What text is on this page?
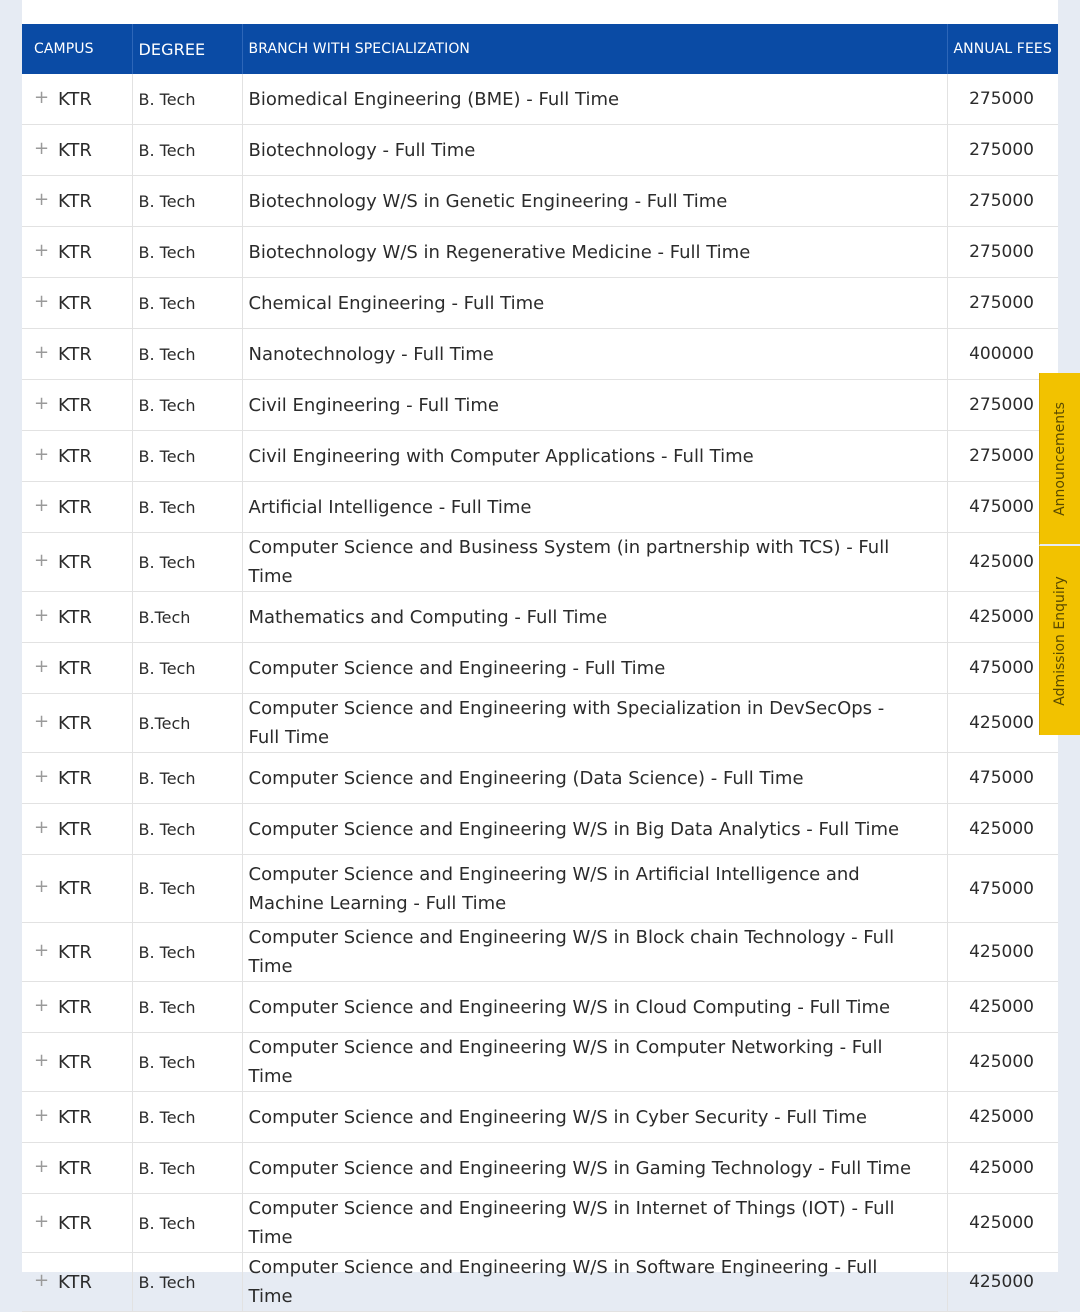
CAMPUS	DEGREE	BRANCH WITH SPECIALIZATION	ANNUAL FEES
+ KTR	B. Tech	Biomedical Engineering (BME) - Full Time	275000
+ KTR	B. Tech	Biotechnology - Full Time	275000
+ KTR	B. Tech	Biotechnology W/S in Genetic Engineering - Full Time	275000
+ KTR	B. Tech	Biotechnology W/S in Regenerative Medicine - Full Time	275000
+ KTR	B. Tech	Chemical Engineering - Full Time	275000
+ KTR	B. Tech	Nanotechnology - Full Time	400000
+ KTR	B. Tech	Civil Engineering - Full Time	275000
+ KTR	B. Tech	Civil Engineering with Computer Applications - Full Time	275000
+ KTR	B. Tech	Artificial Intelligence - Full Time	475000
+ KTR	B. Tech	Computer Science and Business System (in partnership with TCS) - Full Time	425000
+ KTR	B.Tech	Mathematics and Computing - Full Time	425000
+ KTR	B. Tech	Computer Science and Engineering - Full Time	475000
+ KTR	B.Tech	Computer Science and Engineering with Specialization in DevSecOps - Full Time	425000
+ KTR	B. Tech	Computer Science and Engineering (Data Science) - Full Time	475000
+ KTR	B. Tech	Computer Science and Engineering W/S in Big Data Analytics - Full Time	425000
+ KTR	B. Tech	Computer Science and Engineering W/S in Artificial Intelligence and Machine Learning - Full Time	475000
+ KTR	B. Tech	Computer Science and Engineering W/S in Block chain Technology - Full Time	425000
+ KTR	B. Tech	Computer Science and Engineering W/S in Cloud Computing - Full Time	425000
+ KTR	B. Tech	Computer Science and Engineering W/S in Computer Networking - Full Time	425000
+ KTR	B. Tech	Computer Science and Engineering W/S in Cyber Security - Full Time	425000
+ KTR	B. Tech	Computer Science and Engineering W/S in Gaming Technology - Full Time	425000
+ KTR	B. Tech	Computer Science and Engineering W/S in Internet of Things (IOT) - Full Time	425000
+ KTR	B. Tech	Computer Science and Engineering W/S in Software Engineering - Full Time	425000
Announcements
Admission Enquiry
